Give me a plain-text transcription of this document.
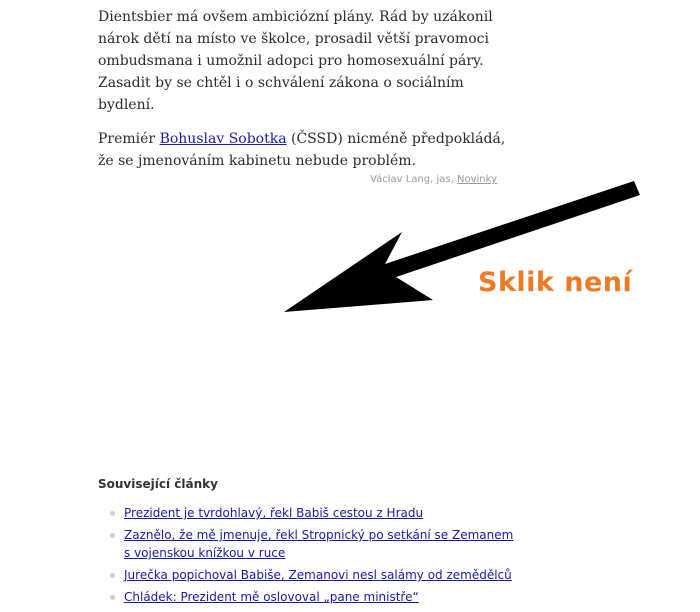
Dientsbier má ovšem ambiciózní plány. Rád by uzákonil nárok dětí na místo ve školce, prosadil větší pravomoci ombudsmana i umožnil adopci pro homosexuální páry. Zasadit by se chtěl i o schválení zákona o sociálním bydlení.

Premiér Bohuslav Sobotka (ČSSD) nicméně předpokládá, že se jmenováním kabinetu nebude problém.

Václav Lang, jas, Novinky
Sklik není
Související články
Prezident je tvrdohlavý, řekl Babiš cestou z Hradu
Zaznělo, že mě jmenuje, řekl Stropnický po setkání se Zemanem s vojenskou knížkou v ruce
Jurečka popichoval Babiše, Zemanovi nesl salámy od zemědělců
Chládek: Prezident mě oslovoval „pane ministře“
